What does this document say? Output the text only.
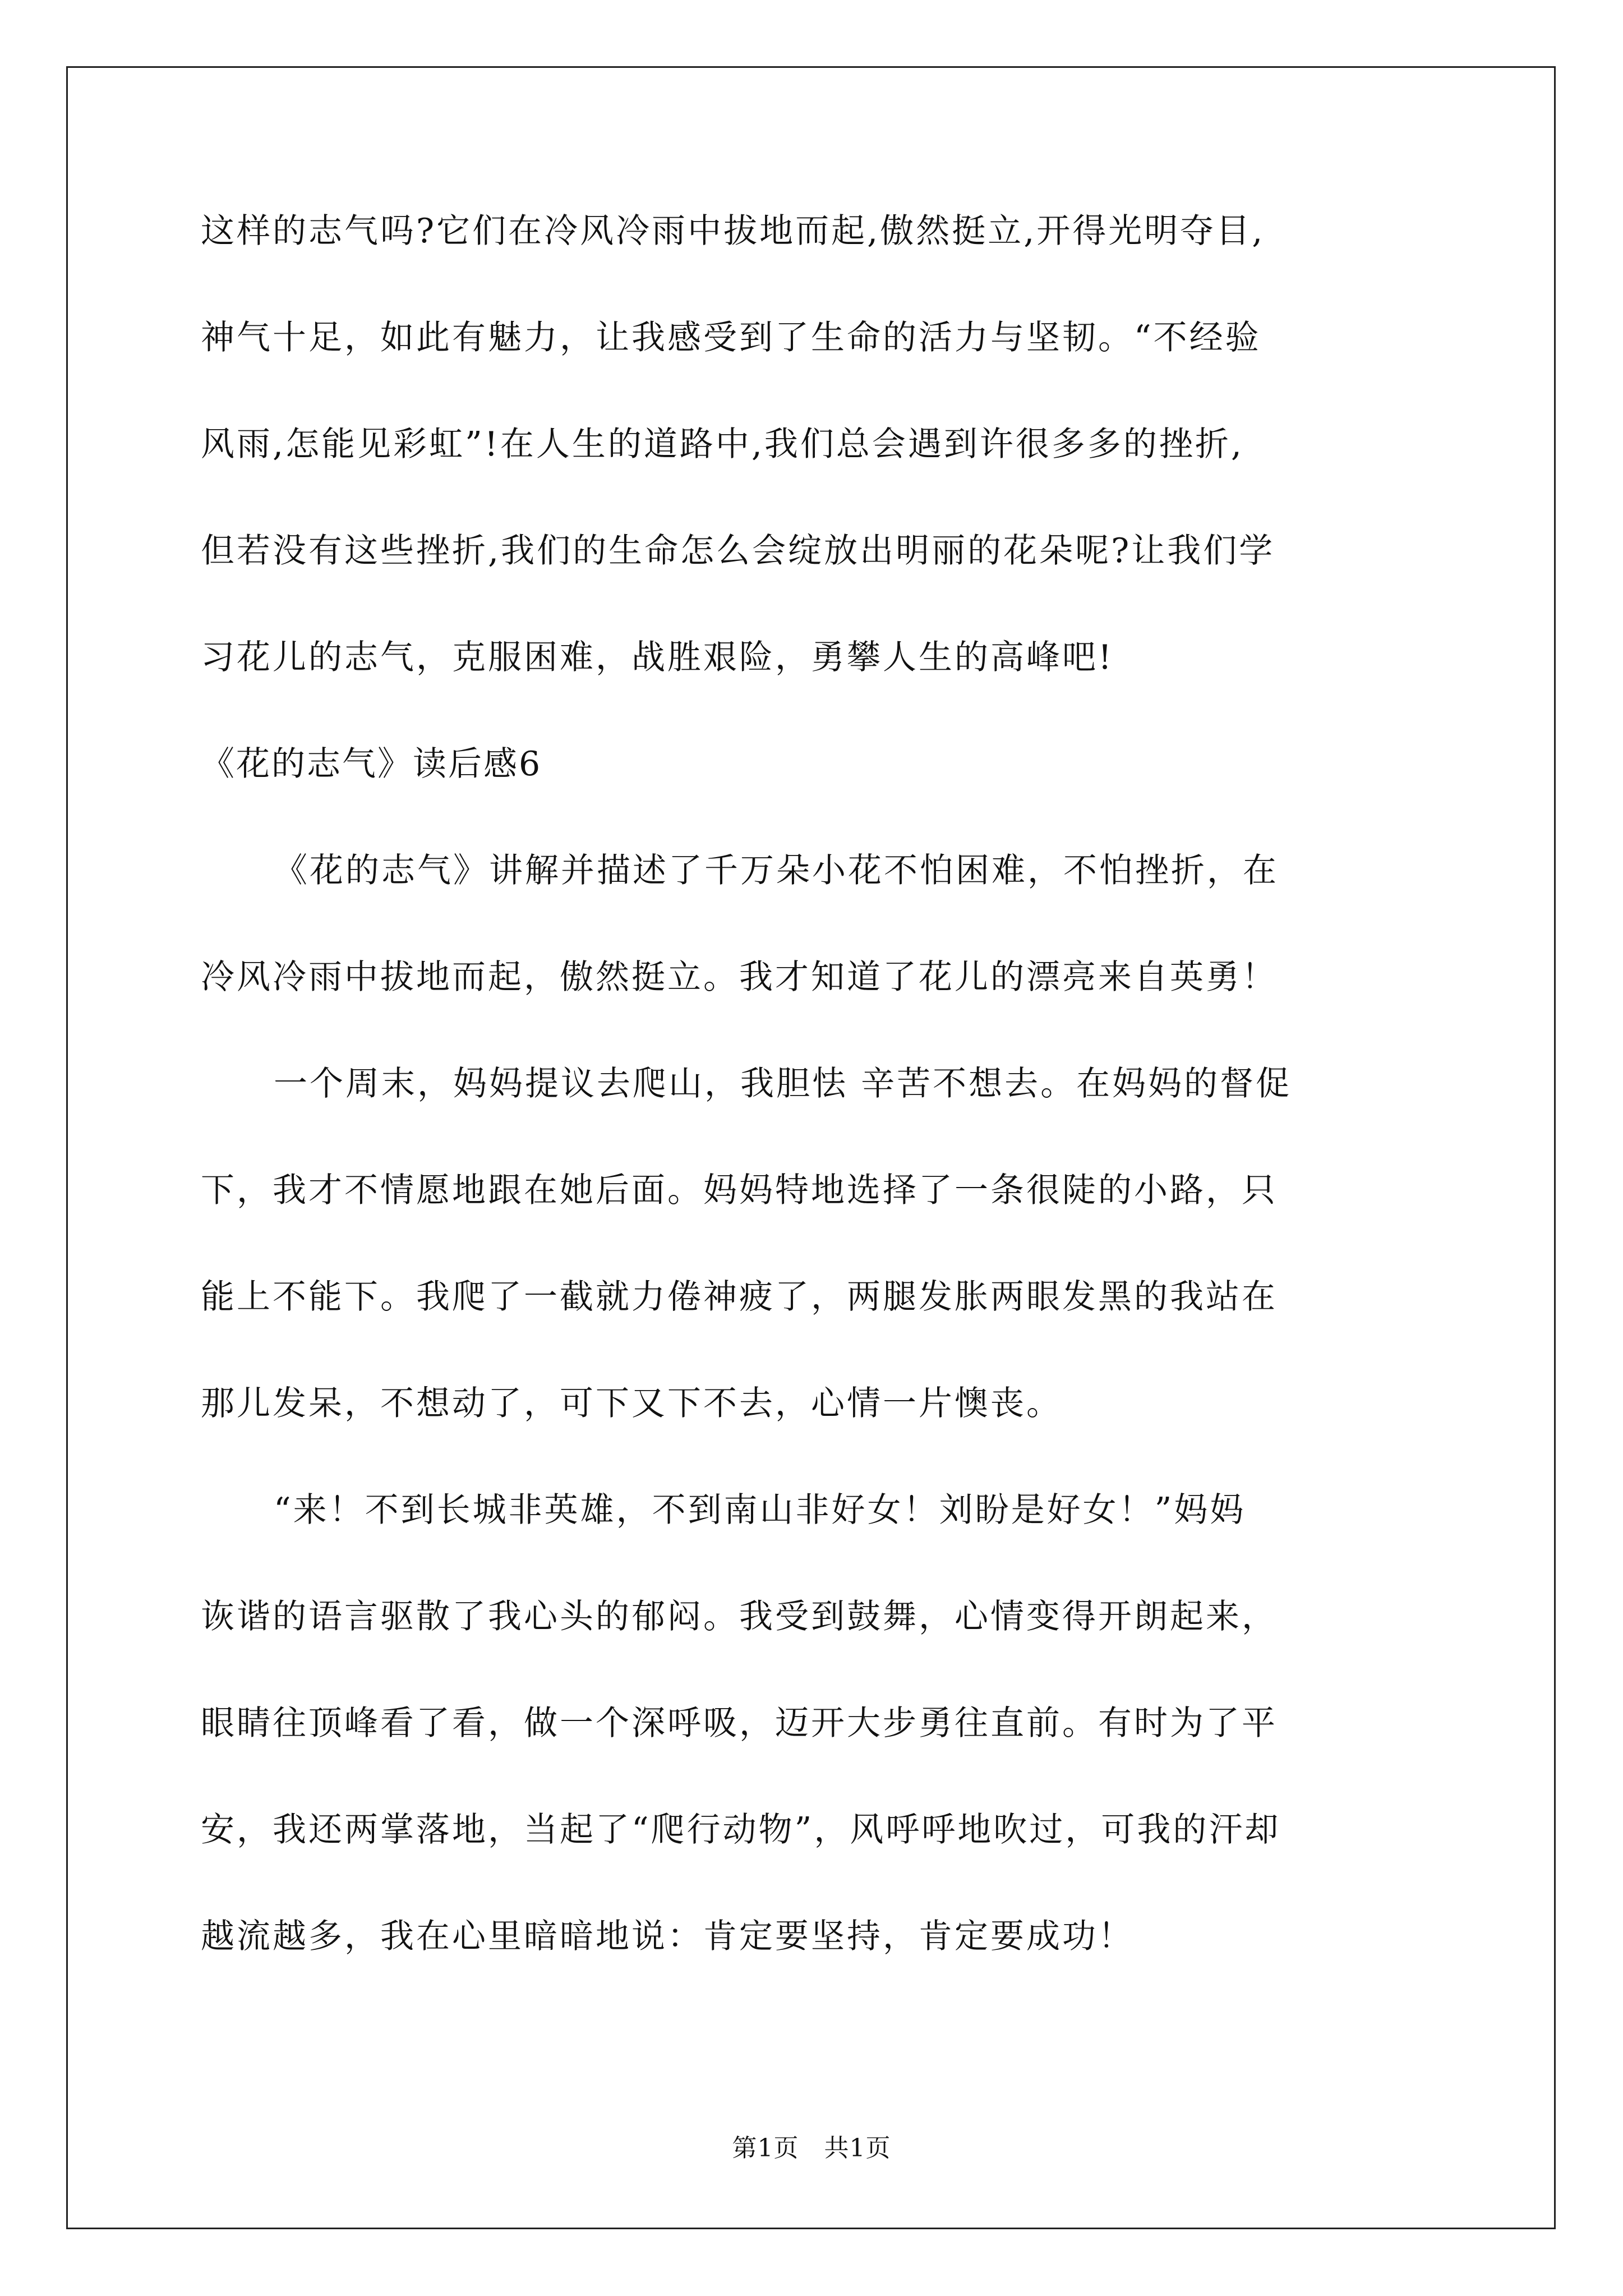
这样的志气吗?它们在冷风冷雨中拔地而起,傲然挺立,开得光明夺目,
神气十足，如此有魅力，让我感受到了生命的活力与坚韧。“不经验
风雨,怎能见彩虹”!在人生的道路中,我们总会遇到许很多多的挫折,
但若没有这些挫折,我们的生命怎么会绽放出明丽的花朵呢?让我们学
习花儿的志气，克服困难，战胜艰险，勇攀人生的高峰吧!
《花的志气》读后感6
《花的志气》讲解并描述了千万朵小花不怕困难，不怕挫折，在
冷风冷雨中拔地而起，傲然挺立。我才知道了花儿的漂亮来自英勇！
一个周末，妈妈提议去爬山，我胆怯 辛苦不想去。在妈妈的督促
下，我才不情愿地跟在她后面。妈妈特地选择了一条很陡的小路，只
能上不能下。我爬了一截就力倦神疲了，两腿发胀两眼发黑的我站在
那儿发呆，不想动了，可下又下不去，心情一片懊丧。
“来！不到长城非英雄，不到南山非好女！刘盼是好女！”妈妈
诙谐的语言驱散了我心头的郁闷。我受到鼓舞，心情变得开朗起来，
眼睛往顶峰看了看，做一个深呼吸，迈开大步勇往直前。有时为了平
安，我还两掌落地，当起了“爬行动物”，风呼呼地吹过，可我的汗却
越流越多，我在心里暗暗地说：肯定要坚持，肯定要成功！
第1页　共1页
